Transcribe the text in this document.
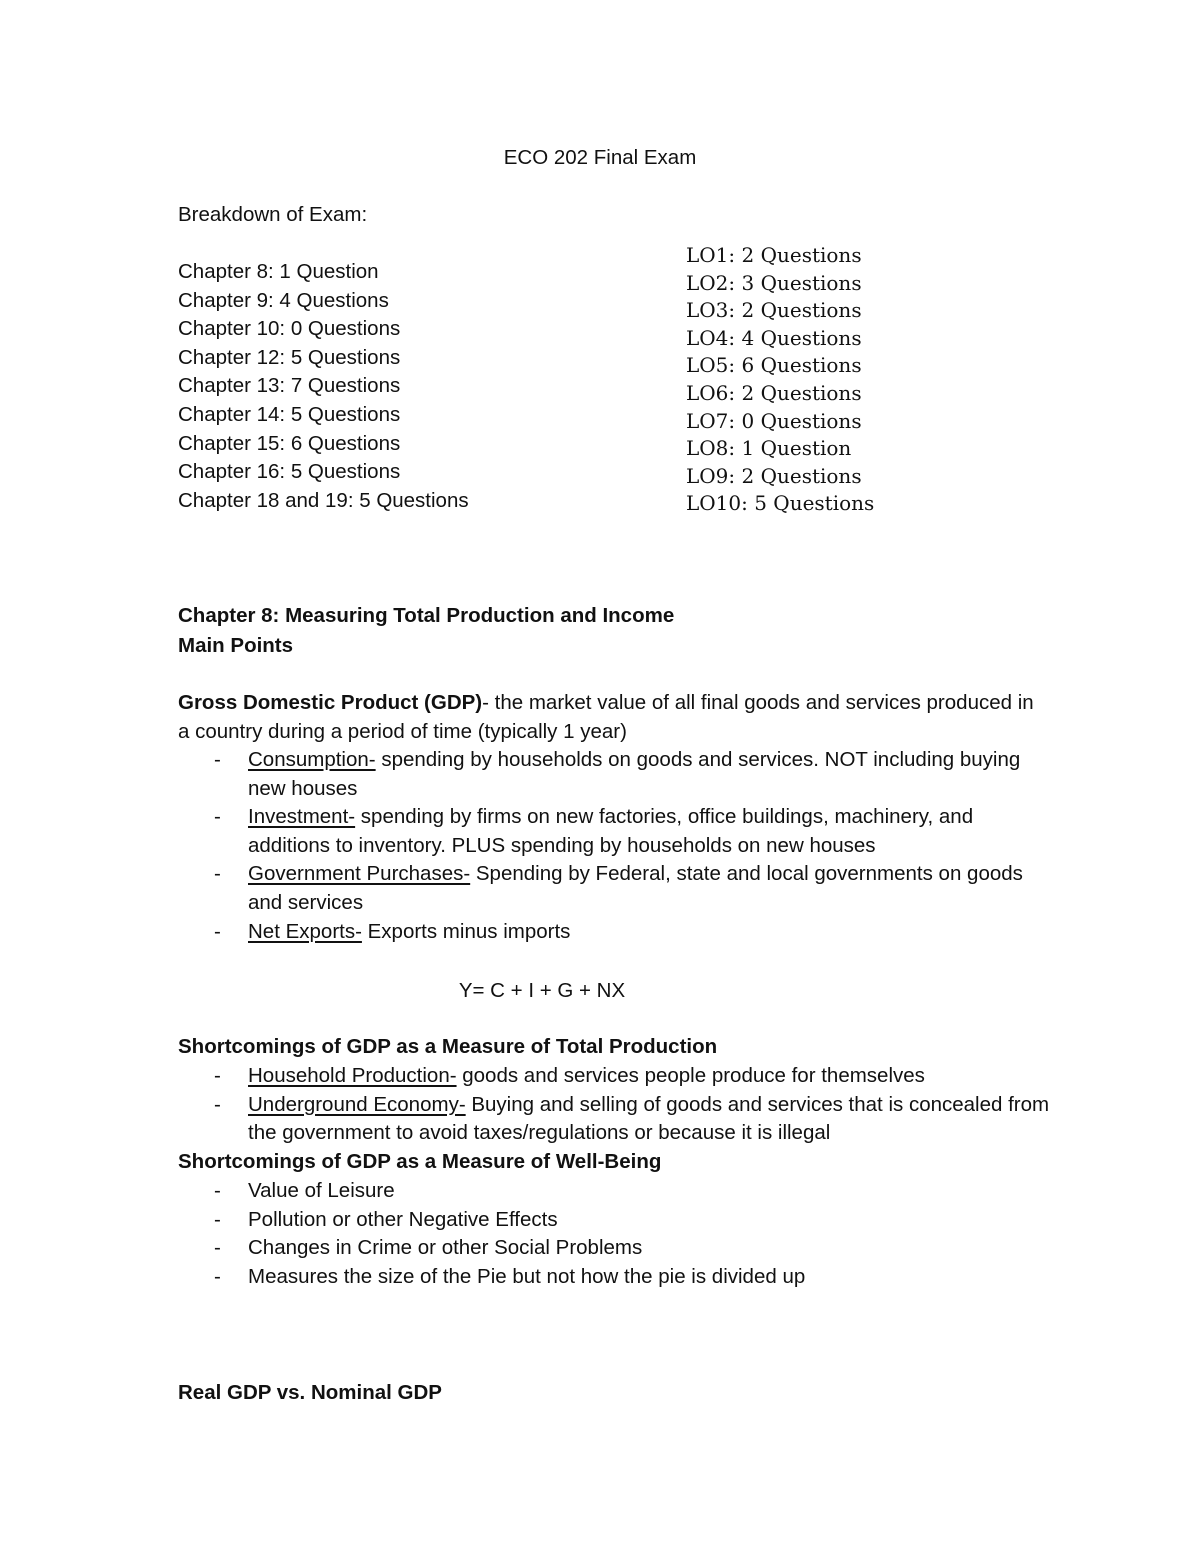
ECO 202 Final Exam
Breakdown of Exam:
Chapter 8: 1 Question
Chapter 9: 4 Questions
Chapter 10: 0 Questions
Chapter 12: 5 Questions
Chapter 13: 7 Questions
Chapter 14: 5 Questions
Chapter 15: 6 Questions
Chapter 16: 5 Questions
Chapter 18 and 19: 5 Questions
LO1: 2 Questions
LO2: 3 Questions
LO3: 2 Questions
LO4: 4 Questions
LO5: 6 Questions
LO6: 2 Questions
LO7: 0 Questions
LO8: 1 Question
LO9: 2 Questions
LO10: 5 Questions
Chapter 8: Measuring Total Production and Income
Main Points
Gross Domestic Product (GDP)- the market value of all final goods and services produced in a country during a period of time (typically 1 year)
- Consumption- spending by households on goods and services. NOT including buying new houses
- Investment- spending by firms on new factories, office buildings, machinery, and additions to inventory. PLUS spending by households on new houses
- Government Purchases- Spending by Federal, state and local governments on goods and services
- Net Exports- Exports minus imports
Y= C + I + G + NX
Shortcomings of GDP as a Measure of Total Production
- Household Production- goods and services people produce for themselves
- Underground Economy- Buying and selling of goods and services that is concealed from the government to avoid taxes/regulations or because it is illegal
Shortcomings of GDP as a Measure of Well-Being
- Value of Leisure
- Pollution or other Negative Effects
- Changes in Crime or other Social Problems
- Measures the size of the Pie but not how the pie is divided up
Real GDP vs. Nominal GDP
